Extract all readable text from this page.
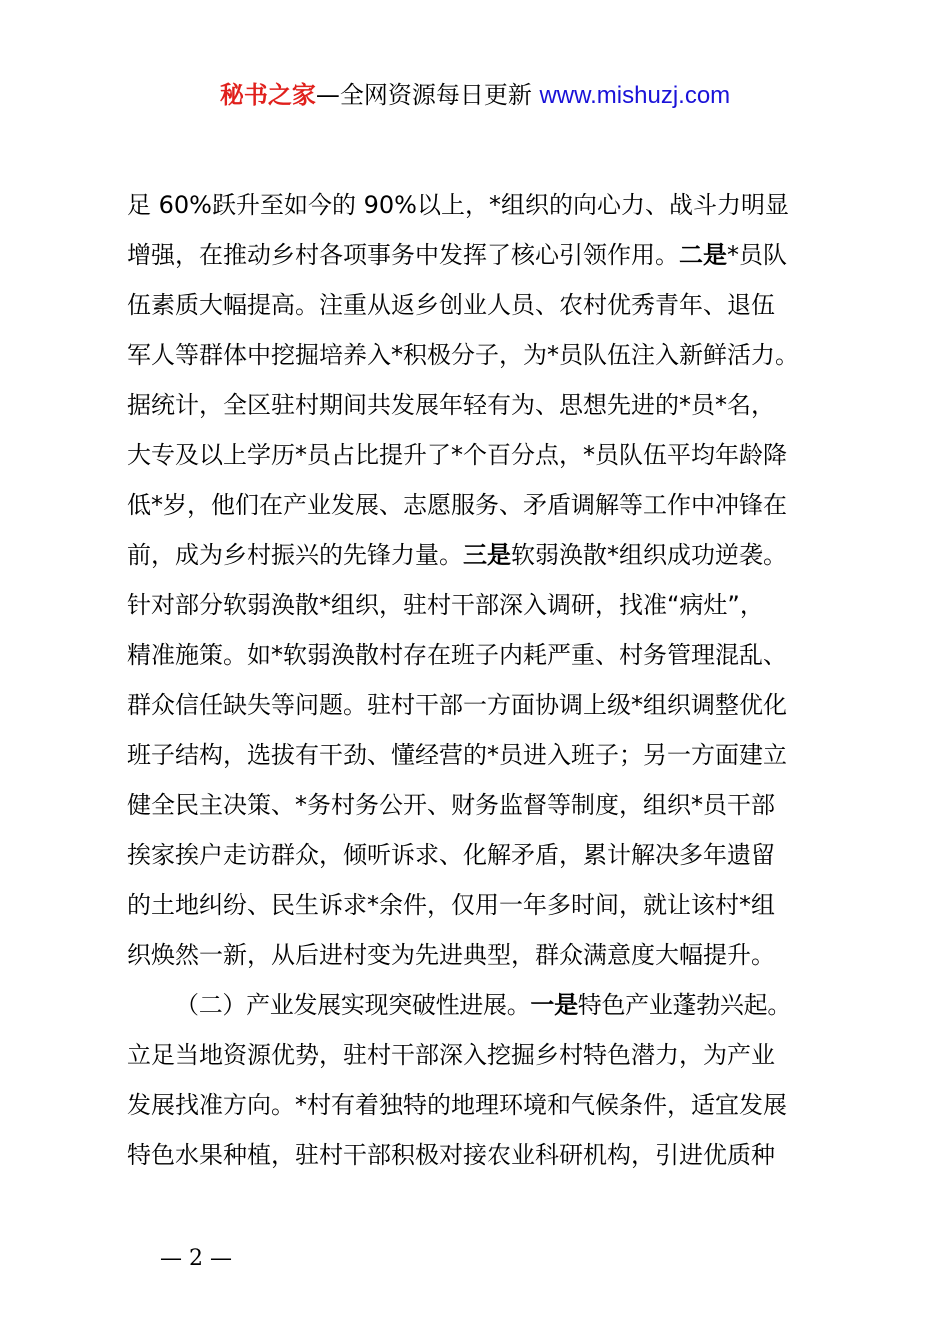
秘书之家—全网资源每日更新 www.mishuzj.com
足 60%跃升至如今的 90%以上，*组织的向心力、战斗力明显
增强，在推动乡村各项事务中发挥了核心引领作用。二是*员队
伍素质大幅提高。注重从返乡创业人员、农村优秀青年、退伍
军人等群体中挖掘培养入*积极分子，为*员队伍注入新鲜活力。
据统计，全区驻村期间共发展年轻有为、思想先进的*员*名，
大专及以上学历*员占比提升了*个百分点，*员队伍平均年龄降
低*岁，他们在产业发展、志愿服务、矛盾调解等工作中冲锋在
前，成为乡村振兴的先锋力量。三是软弱涣散*组织成功逆袭。
针对部分软弱涣散*组织，驻村干部深入调研，找准“病灶”，
精准施策。如*软弱涣散村存在班子内耗严重、村务管理混乱、
群众信任缺失等问题。驻村干部一方面协调上级*组织调整优化
班子结构，选拔有干劲、懂经营的*员进入班子；另一方面建立
健全民主决策、*务村务公开、财务监督等制度，组织*员干部
挨家挨户走访群众，倾听诉求、化解矛盾，累计解决多年遗留
的土地纠纷、民生诉求*余件，仅用一年多时间，就让该村*组
织焕然一新，从后进村变为先进典型，群众满意度大幅提升。
（二）产业发展实现突破性进展。一是特色产业蓬勃兴起。
立足当地资源优势，驻村干部深入挖掘乡村特色潜力，为产业
发展找准方向。*村有着独特的地理环境和气候条件，适宜发展
特色水果种植，驻村干部积极对接农业科研机构，引进优质种
— 2 —
